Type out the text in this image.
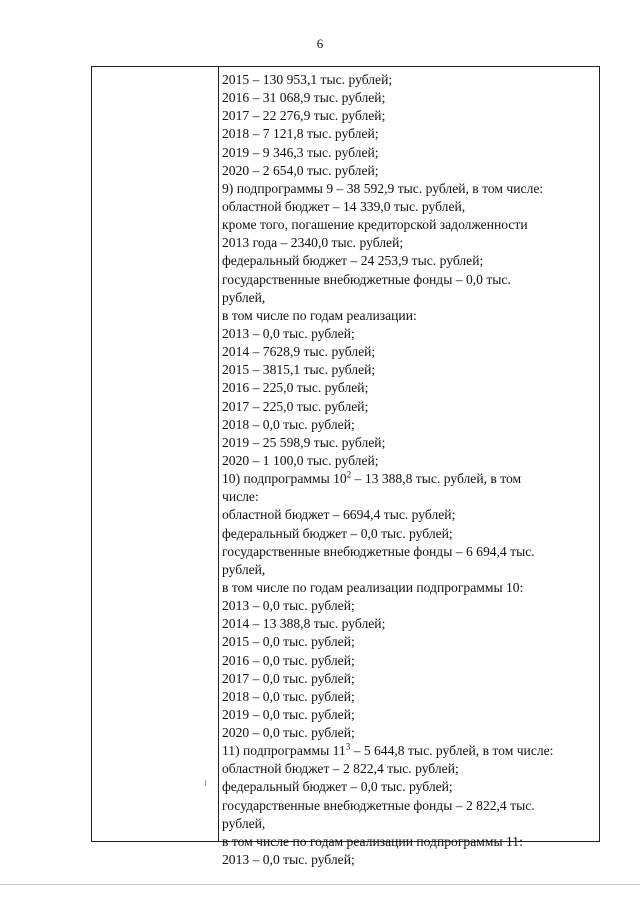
6
2015 – 130 953,1 тыс. рублей;
2016 – 31 068,9 тыс. рублей;
2017 – 22 276,9 тыс. рублей;
2018 – 7 121,8 тыс. рублей;
2019 – 9 346,3 тыс. рублей;
2020 – 2 654,0 тыс. рублей;
9) подпрограммы 9 – 38 592,9 тыс. рублей, в том числе:
областной бюджет – 14 339,0 тыс. рублей,
кроме того, погашение кредиторской задолженности
2013 года – 2340,0 тыс. рублей;
федеральный бюджет – 24 253,9 тыс. рублей;
государственные внебюджетные фонды – 0,0 тыс.
рублей,
в том числе по годам реализации:
2013 – 0,0 тыс. рублей;
2014 – 7628,9 тыс. рублей;
2015 – 3815,1 тыс. рублей;
2016 – 225,0 тыс. рублей;
2017 – 225,0 тыс. рублей;
2018 – 0,0 тыс. рублей;
2019 – 25 598,9 тыс. рублей;
2020 – 1 100,0 тыс. рублей;
10) подпрограммы $10^2 - 13$ 388,8 тыс. рублей, в том
числе:
областной бюджет – 6694,4 тыс. рублей;
федеральный бюджет – 0,0 тыс. рублей;
государственные внебюджетные фонды – 6 694,4 тыс.
рублей,
в том числе по годам реализации подпрограммы 10:
2013 – 0,0 тыс. рублей;
2014 – 13 388,8 тыс. рублей;
2015 – 0,0 тыс. рублей;
2016 – 0,0 тыс. рублей;
2017 – 0,0 тыс. рублей;
2018 – 0,0 тыс. рублей;
2019 – 0,0 тыс. рублей;
2020 – 0,0 тыс. рублей;
11) подпрограммы $11^3 - 5$ 644,8 тыс. рублей, в том числе:
областной бюджет – 2 822,4 тыс. рублей;
федеральный бюджет – 0,0 тыс. рублей;
государственные внебюджетные фонды – 2 822,4 тыс.
рублей,
в том числе по годам реализации подпрограммы 11:
2013 – 0,0 тыс. рублей;
